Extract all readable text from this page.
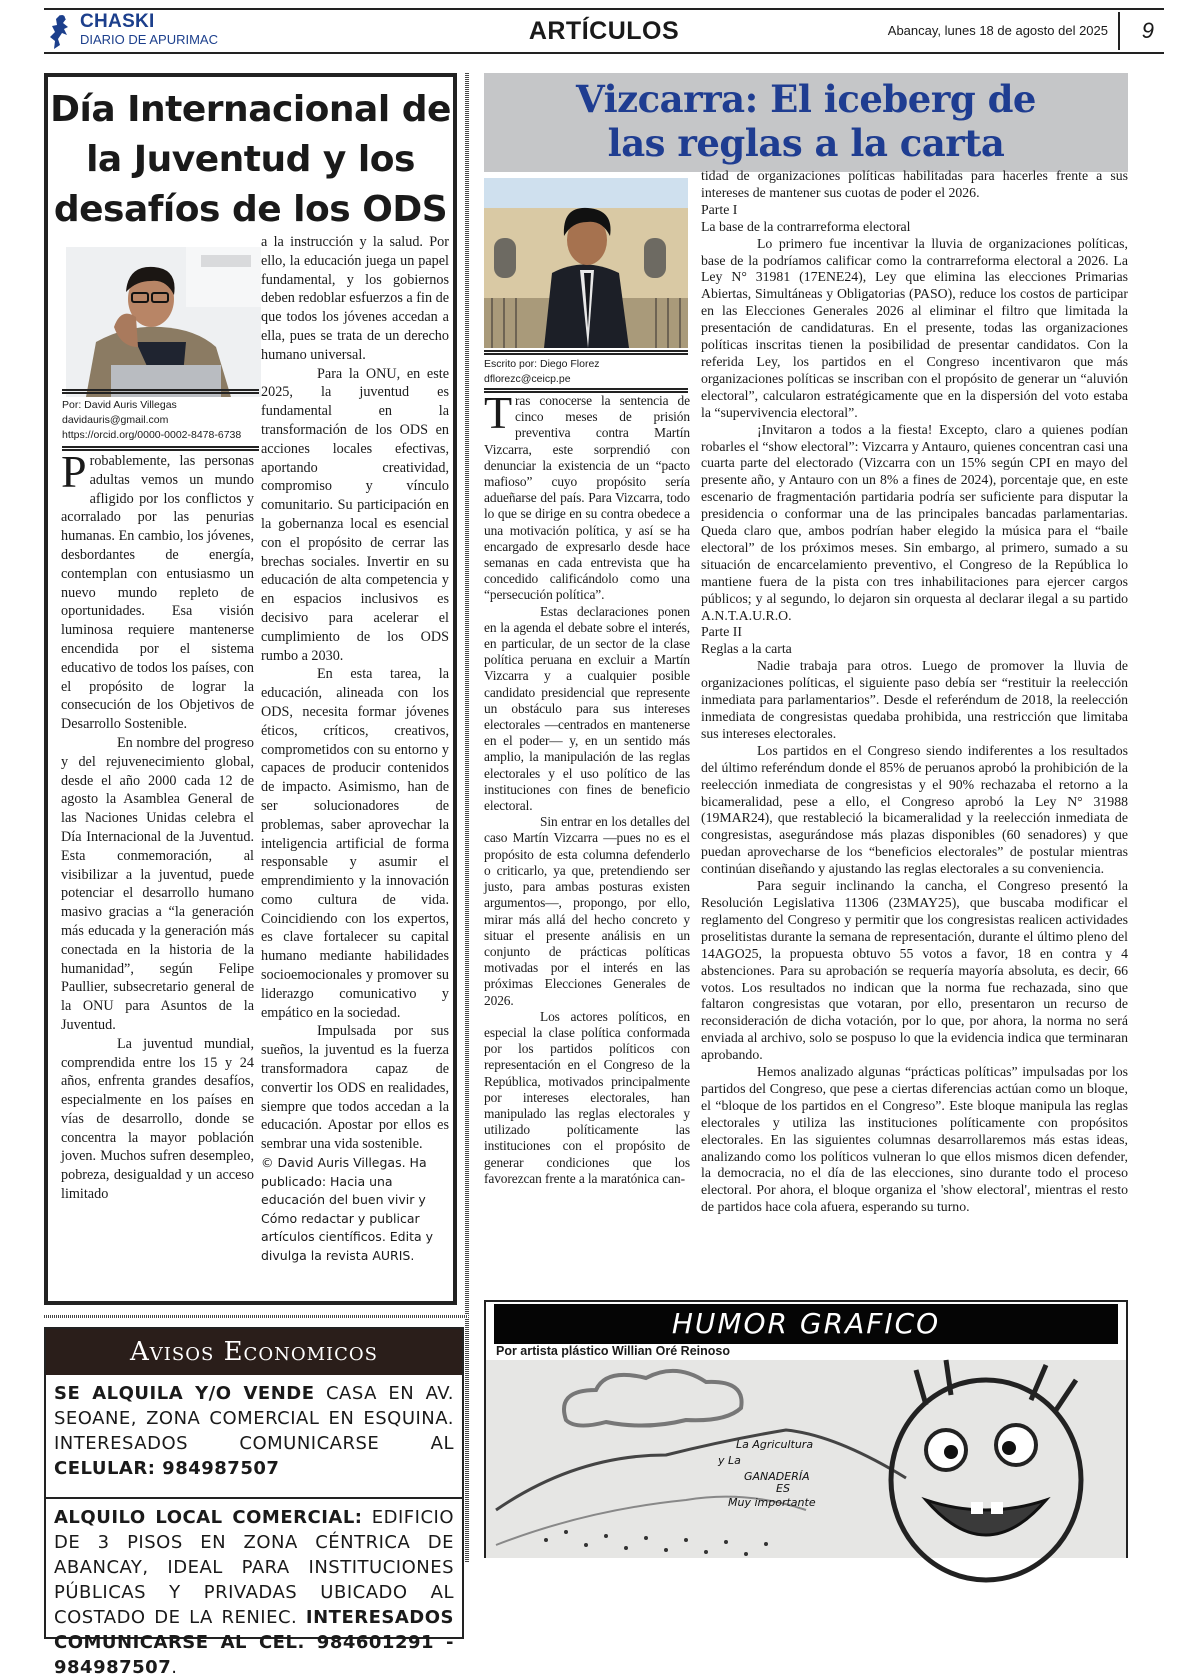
CHASKI
DIARIO DE APURIMAC	ARTÍCULOS	Abancay, lunes 18 de agosto del 2025 9
Día Internacional de la Juventud y los desafíos de los ODS
Por: David Auris Villegas
davidauris@gmail.com
https://orcid.org/0000-0002-8478-6738

Probablemente, las personas adultas vemos un mundo afligido por los conflictos y acorralado por las penurias humanas. En cambio, los jóvenes, desbordantes de energía, contemplan con entusiasmo un nuevo mundo repleto de oportunidades. Esa visión luminosa requiere mantenerse encendida por el sistema educativo de todos los países, con el propósito de lograr la consecución de los Objetivos de Desarrollo Sostenible.

En nombre del progreso y del rejuvenecimiento global, desde el año 2000 cada 12 de agosto la Asamblea General de las Naciones Unidas celebra el Día Internacional de la Juventud. Esta conmemoración, al visibilizar a la juventud, puede potenciar el desarrollo humano masivo gracias a “la generación más educada y la generación más conectada en la historia de la humanidad”, según Felipe Paullier, subsecretario general de la ONU para Asuntos de la Juventud.

La juventud mundial, comprendida entre los 15 y 24 años, enfrenta grandes desafíos, especialmente en los países en vías de desarrollo, donde se concentra la mayor población joven. Muchos sufren desempleo, pobreza, desigualdad y un acceso limitado

a la instrucción y la salud. Por ello, la educación juega un papel fundamental, y los gobiernos deben redoblar esfuerzos a fin de que todos los jóvenes accedan a ella, pues se trata de un derecho humano universal.

Para la ONU, en este 2025, la juventud es fundamental en la transformación de los ODS en acciones locales efectivas, aportando creatividad, compromiso y vínculo comunitario. Su participación en la gobernanza local es esencial con el propósito de cerrar las brechas sociales. Invertir en su educación de alta competencia y en espacios inclusivos es decisivo para acelerar el cumplimiento de los ODS rumbo a 2030.

En esta tarea, la educación, alineada con los ODS, necesita formar jóvenes éticos, críticos, creativos, comprometidos con su entorno y capaces de producir contenidos de impacto. Asimismo, han de ser solucionadores de problemas, saber aprovechar la inteligencia artificial de forma responsable y asumir el emprendimiento y la innovación como cultura de vida. Coincidiendo con los expertos, es clave fortalecer su capital humano mediante habilidades socioemocionales y promover su liderazgo comunicativo y empático en la sociedad.

Impulsada por sus sueños, la juventud es la fuerza transformadora capaz de convertir los ODS en realidades, siempre que todos accedan a la educación. Apostar por ellos es sembrar una vida sostenible.

© David Auris Villegas. Ha publicado: Hacia una educación del buen vivir y Cómo redactar y publicar artículos científicos. Edita y divulga la revista AURIS.

Vizcarra: El iceberg de
las reglas a la carta
Escrito por: Diego Florez
dflorezc@ceicp.pe

Tras conocerse la sentencia de cinco meses de prisión preventiva contra Martín Vizcarra, este sorprendió con denunciar la existencia de un “pacto mafioso” cuyo propósito sería adueñarse del país. Para Vizcarra, todo lo que se dirige en su contra obedece a una motivación política, y así se ha encargado de expresarlo desde hace semanas en cada entrevista que ha concedido calificándolo como una “persecución política”.

Estas declaraciones ponen en la agenda el debate sobre el interés, en particular, de un sector de la clase política peruana en excluir a Martín Vizcarra y a cualquier posible candidato presidencial que represente un obstáculo para sus intereses electorales —centrados en mantenerse en el poder— y, en un sentido más amplio, la manipulación de las reglas electorales y el uso político de las instituciones con fines de beneficio electoral.

Sin entrar en los detalles del caso Martín Vizcarra —pues no es el propósito de esta columna defenderlo o criticarlo, ya que, pretendiendo ser justo, para ambas posturas existen argumentos—, propongo, por ello, mirar más allá del hecho concreto y situar el presente análisis en un conjunto de prácticas políticas motivadas por el interés en las próximas Elecciones Generales de 2026.

Los actores políticos, en especial la clase política conformada por los partidos políticos con representación en el Congreso de la República, motivados principalmente por intereses electorales, han manipulado las reglas electorales y utilizado políticamente las instituciones con el propósito de generar condiciones que los favorezcan frente a la maratónica can-

tidad de organizaciones políticas habilitadas para hacerles frente a sus intereses de mantener sus cuotas de poder el 2026.

Parte I

La base de la contrarreforma electoral

Lo primero fue incentivar la lluvia de organizaciones políticas, base de la podríamos calificar como la contrarreforma electoral a 2026. La Ley N° 31981 (17ENE24), Ley que elimina las elecciones Primarias Abiertas, Simultáneas y Obligatorias (PASO), reduce los costos de participar en las Elecciones Generales 2026 al eliminar el filtro que limitada la presentación de candidaturas. En el presente, todas las organizaciones políticas inscritas tienen la posibilidad de presentar candidatos. Con la referida Ley, los partidos en el Congreso incentivaron que más organizaciones políticas se inscriban con el propósito de generar un “aluvión electoral”, calcularon estratégicamente que en la dispersión del voto estaba la “supervivencia electoral”.

¡Invitaron a todos a la fiesta! Excepto, claro a quienes podían robarles el “show electoral”: Vizcarra y Antauro, quienes concentran casi una cuarta parte del electorado (Vizcarra con un 15% según CPI en mayo del presente año, y Antauro con un 8% a fines de 2024), porcentaje que, en este escenario de fragmentación partidaria podría ser suficiente para disputar la presidencia o conformar una de las principales bancadas parlamentarias. Queda claro que, ambos podrían haber elegido la música para el “baile electoral” de los próximos meses. Sin embargo, al primero, sumado a su situación de encarcelamiento preventivo, el Congreso de la República lo mantiene fuera de la pista con tres inhabilitaciones para ejercer cargos públicos; y al segundo, lo dejaron sin orquesta al declarar ilegal a su partido A.N.T.A.U.R.O.

Parte II

Reglas a la carta

Nadie trabaja para otros. Luego de promover la lluvia de organizaciones políticas, el siguiente paso debía ser “restituir la reelección inmediata para parlamentarios”. Desde el referéndum de 2018, la reelección inmediata de congresistas quedaba prohibida, una restricción que limitaba sus intereses electorales.

Los partidos en el Congreso siendo indiferentes a los resultados del último referéndum donde el 85% de peruanos aprobó la prohibición de la reelección inmediata de congresistas y el 90% rechazaba el retorno a la bicameralidad, pese a ello, el Congreso aprobó la Ley N° 31988 (19MAR24), que restableció la bicameralidad y la reelección inmediata de congresistas, asegurándose más plazas disponibles (60 senadores) y que puedan aprovecharse de los “beneficios electorales” de postular mientras continúan diseñando y ajustando las reglas electorales a su conveniencia.

Para seguir inclinando la cancha, el Congreso presentó la Resolución Legislativa 11306 (23MAY25), que buscaba modificar el reglamento del Congreso y permitir que los congresistas realicen actividades proselitistas durante la semana de representación, durante el último pleno del 14AGO25, la propuesta obtuvo 55 votos a favor, 18 en contra y 4 abstenciones. Para su aprobación se requería mayoría absoluta, es decir, 66 votos. Los resultados no indican que la norma fue rechazada, sino que faltaron congresistas que votaran, por ello, presentaron un recurso de reconsideración de dicha votación, por lo que, por ahora, la norma no será enviada al archivo, solo se pospuso lo que la evidencia indica que terminaran aprobando.

Hemos analizado algunas “prácticas políticas” impulsadas por los partidos del Congreso, que pese a ciertas diferencias actúan como un bloque, el “bloque de los partidos en el Congreso”. Este bloque manipula las reglas electorales y utiliza las instituciones políticamente con propósitos electorales. En las siguientes columnas desarrollaremos más estas ideas, analizando como los políticos vulneran lo que ellos mismos dicen defender, la democracia, no el día de las elecciones, sino durante todo el proceso electoral. Por ahora, el bloque organiza el 'show electoral', mientras el resto de partidos hace cola afuera, esperando su turno.

Avisos Economicos
SE ALQUILA Y/O VENDE CASA EN AV. SEOANE, ZONA COMERCIAL EN ESQUINA. INTERESADOS COMUNICARSE AL CELULAR: 984987507
ALQUILO LOCAL COMERCIAL: EDIFICIO DE 3 PISOS EN ZONA CÉNTRICA DE ABANCAY, IDEAL PARA INSTITUCIONES PÚBLICAS Y PRIVADAS UBICADO AL COSTADO DE LA RENIEC. INTERESADOS COMUNICARSE AL CEL. 984601291 - 984987507.
HUMOR GRAFICO
Por artista plástico Willian Oré Reinoso
La Agricultura
y La
GANADERÍA
ES
Muy importante
